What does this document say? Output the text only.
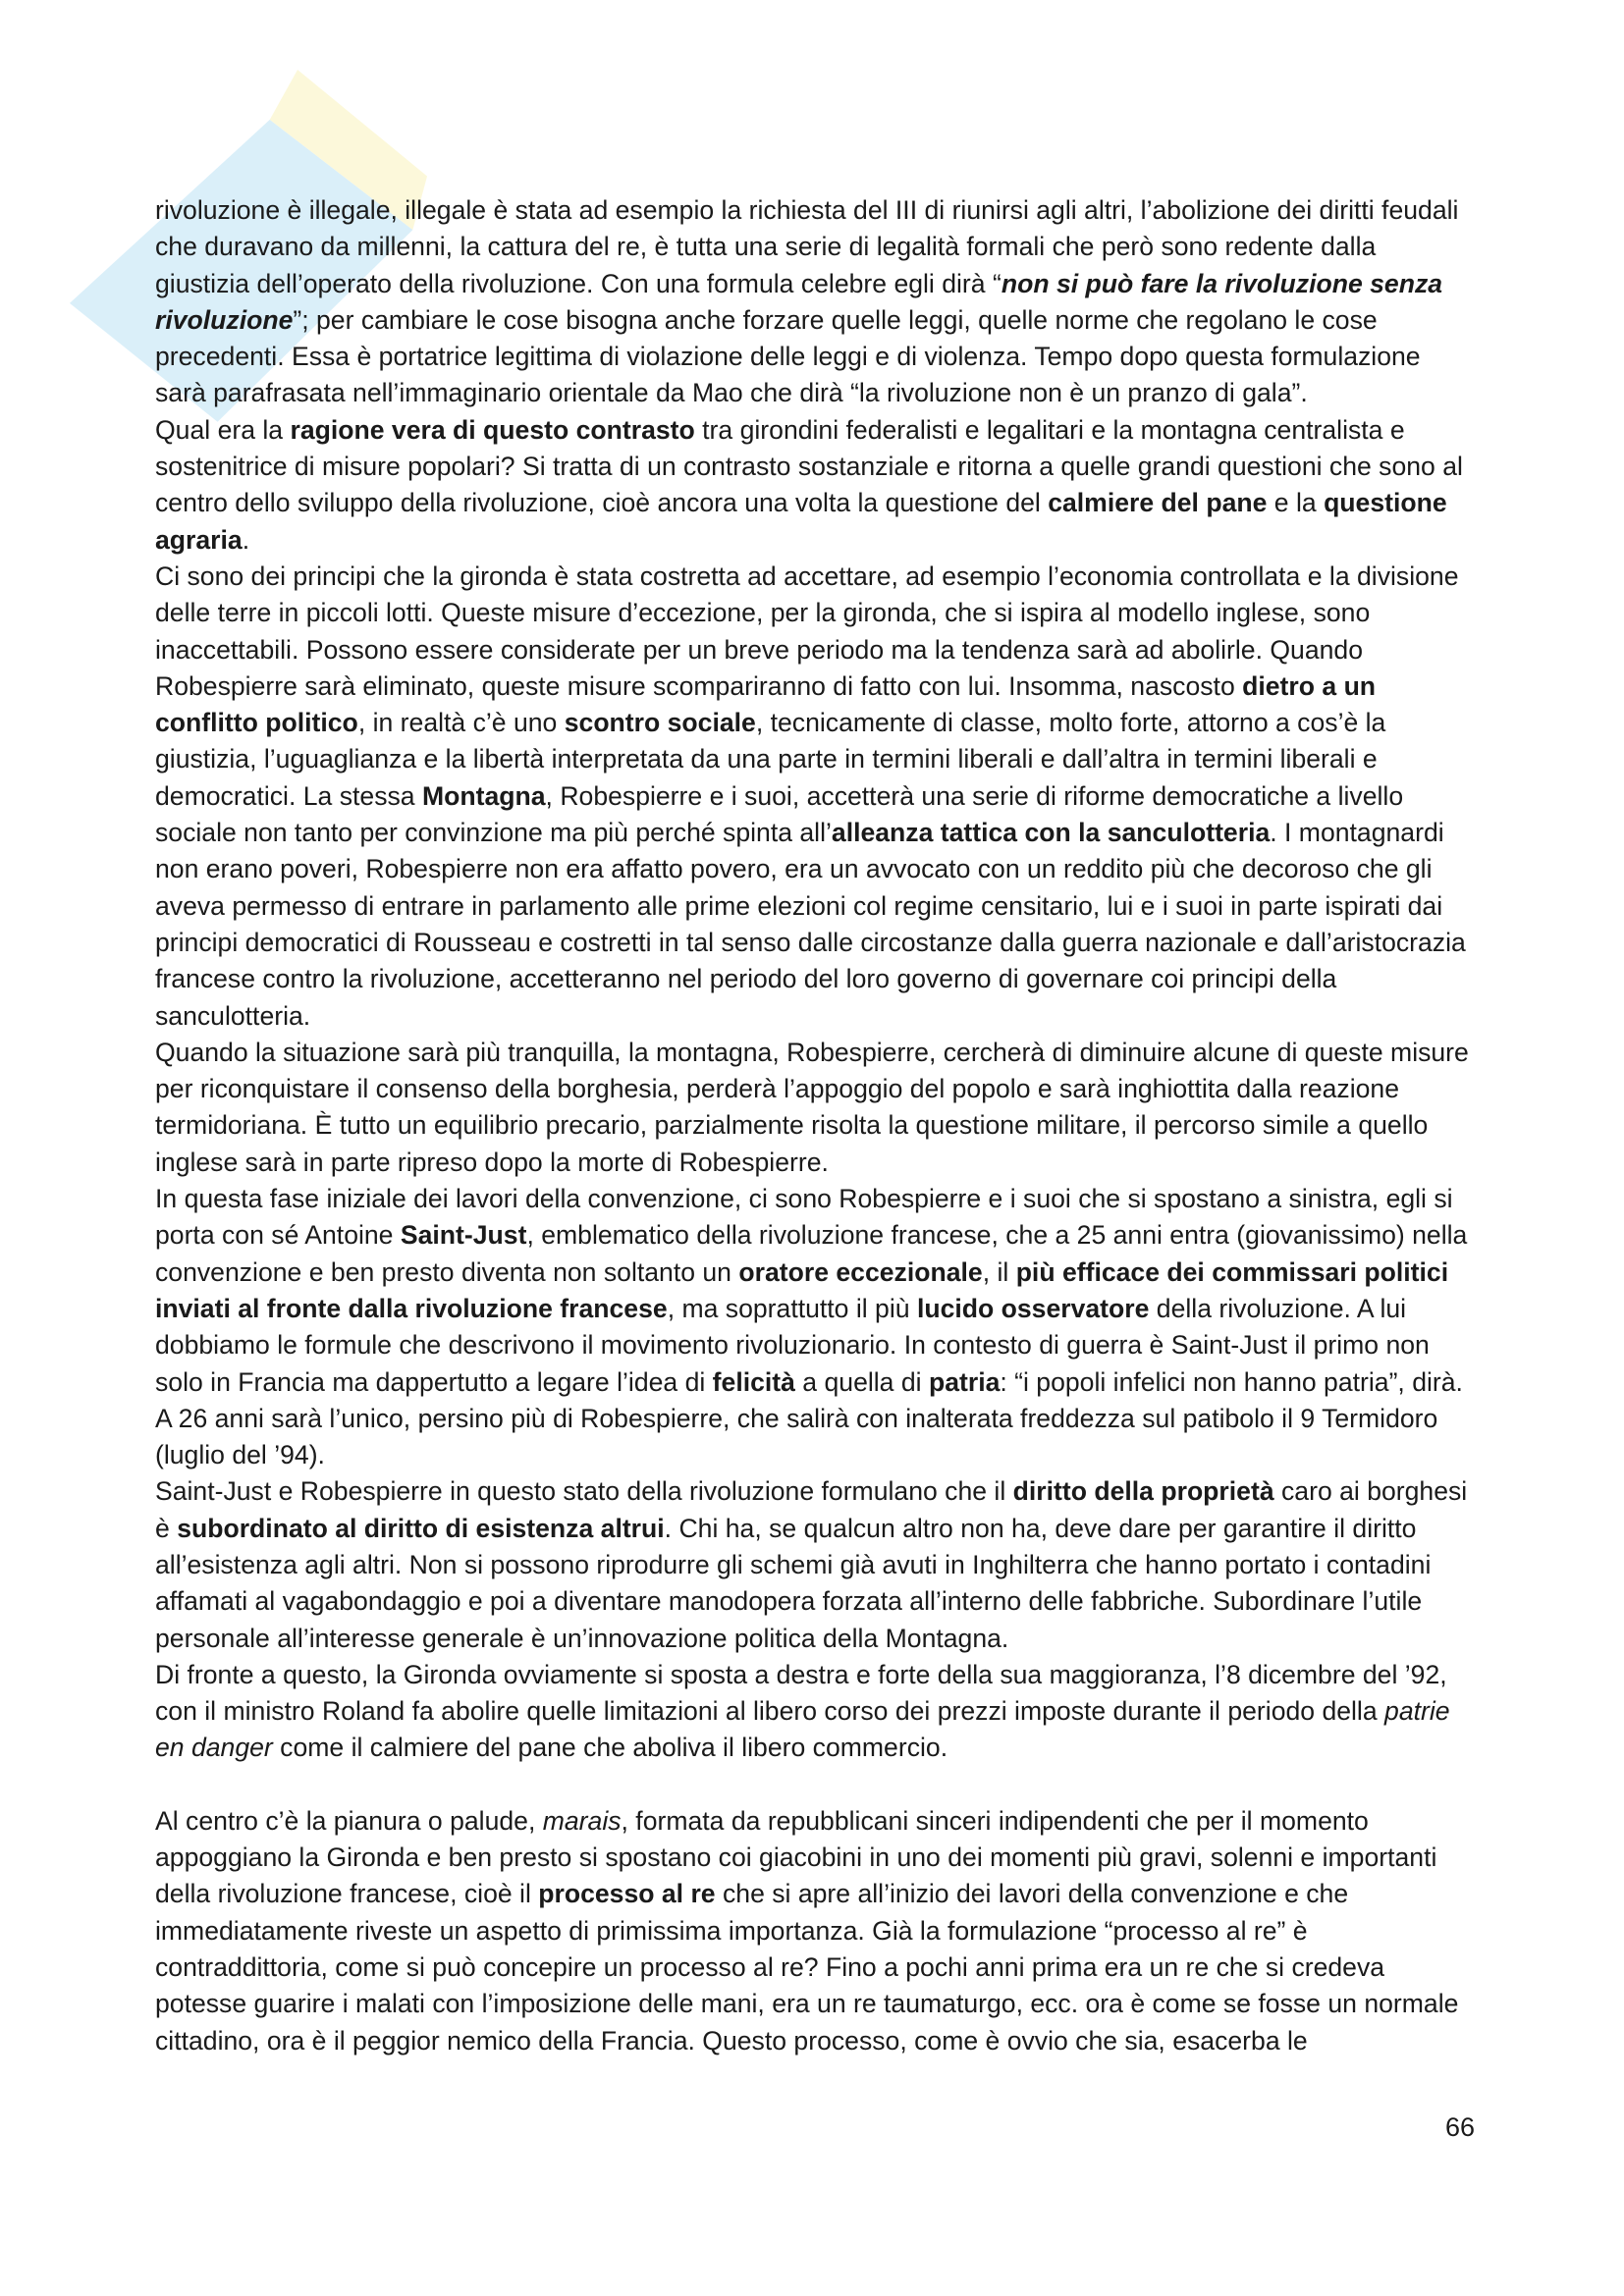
rivoluzione è illegale, illegale è stata ad esempio la richiesta del III di riunirsi agli altri, l’abolizione dei diritti feudali che duravano da millenni, la cattura del re, è tutta una serie di legalità formali che però sono redente dalla giustizia dell’operato della rivoluzione. Con una formula celebre egli dirà “non si può fare la rivoluzione senza rivoluzione”; per cambiare le cose bisogna anche forzare quelle leggi, quelle norme che regolano le cose precedenti. Essa è portatrice legittima di violazione delle leggi e di violenza. Tempo dopo questa formulazione sarà parafrasata nell’immaginario orientale da Mao che dirà “la rivoluzione non è un pranzo di gala”.

Qual era la ragione vera di questo contrasto tra girondini federalisti e legalitari e la montagna centralista e sostenitrice di misure popolari? Si tratta di un contrasto sostanziale e ritorna a quelle grandi questioni che sono al centro dello sviluppo della rivoluzione, cioè ancora una volta la questione del calmiere del pane e la questione agraria.

Ci sono dei principi che la gironda è stata costretta ad accettare, ad esempio l’economia controllata e la divisione delle terre in piccoli lotti. Queste misure d’eccezione, per la gironda, che si ispira al modello inglese, sono inaccettabili. Possono essere considerate per un breve periodo ma la tendenza sarà ad abolirle. Quando Robespierre sarà eliminato, queste misure scompariranno di fatto con lui. Insomma, nascosto dietro a un conflitto politico, in realtà c’è uno scontro sociale, tecnicamente di classe, molto forte, attorno a cos’è la giustizia, l’uguaglianza e la libertà interpretata da una parte in termini liberali e dall’altra in termini liberali e democratici. La stessa Montagna, Robespierre e i suoi, accetterà una serie di riforme democratiche a livello sociale non tanto per convinzione ma più perché spinta all’alleanza tattica con la sanculotteria. I montagnardi non erano poveri, Robespierre non era affatto povero, era un avvocato con un reddito più che decoroso che gli aveva permesso di entrare in parlamento alle prime elezioni col regime censitario, lui e i suoi in parte ispirati dai principi democratici di Rousseau e costretti in tal senso dalle circostanze dalla guerra nazionale e dall’aristocrazia francese contro la rivoluzione, accetteranno nel periodo del loro governo di governare coi principi della sanculotteria.

Quando la situazione sarà più tranquilla, la montagna, Robespierre, cercherà di diminuire alcune di queste misure per riconquistare il consenso della borghesia, perderà l’appoggio del popolo e sarà inghiottita dalla reazione termidoriana. È tutto un equilibrio precario, parzialmente risolta la questione militare, il percorso simile a quello inglese sarà in parte ripreso dopo la morte di Robespierre.

In questa fase iniziale dei lavori della convenzione, ci sono Robespierre e i suoi che si spostano a sinistra, egli si porta con sé Antoine Saint-Just, emblematico della rivoluzione francese, che a 25 anni entra (giovanissimo) nella convenzione e ben presto diventa non soltanto un oratore eccezionale, il più efficace dei commissari politici inviati al fronte dalla rivoluzione francese, ma soprattutto il più lucido osservatore della rivoluzione. A lui dobbiamo le formule che descrivono il movimento rivoluzionario. In contesto di guerra è Saint-Just il primo non solo in Francia ma dappertutto a legare l’idea di felicità a quella di patria: “i popoli infelici non hanno patria”, dirà. A 26 anni sarà l’unico, persino più di Robespierre, che salirà con inalterata freddezza sul patibolo il 9 Termidoro (luglio del ’94).

Saint-Just e Robespierre in questo stato della rivoluzione formulano che il diritto della proprietà caro ai borghesi è subordinato al diritto di esistenza altrui. Chi ha, se qualcun altro non ha, deve dare per garantire il diritto all’esistenza agli altri. Non si possono riprodurre gli schemi già avuti in Inghilterra che hanno portato i contadini affamati al vagabondaggio e poi a diventare manodopera forzata all’interno delle fabbriche. Subordinare l’utile personale all’interesse generale è un’innovazione politica della Montagna.

Di fronte a questo, la Gironda ovviamente si sposta a destra e forte della sua maggioranza, l’8 dicembre del ’92, con il ministro Roland fa abolire quelle limitazioni al libero corso dei prezzi imposte durante il periodo della patrie en danger come il calmiere del pane che aboliva il libero commercio.

Al centro c’è la pianura o palude, marais, formata da repubblicani sinceri indipendenti che per il momento appoggiano la Gironda e ben presto si spostano coi giacobini in uno dei momenti più gravi, solenni e importanti della rivoluzione francese, cioè il processo al re che si apre all’inizio dei lavori della convenzione e che immediatamente riveste un aspetto di primissima importanza. Già la formulazione “processo al re” è contraddittoria, come si può concepire un processo al re? Fino a pochi anni prima era un re che si credeva potesse guarire i malati con l’imposizione delle mani, era un re taumaturgo, ecc. ora è come se fosse un normale cittadino, ora è il peggior nemico della Francia. Questo processo, come è ovvio che sia, esacerba le

66
